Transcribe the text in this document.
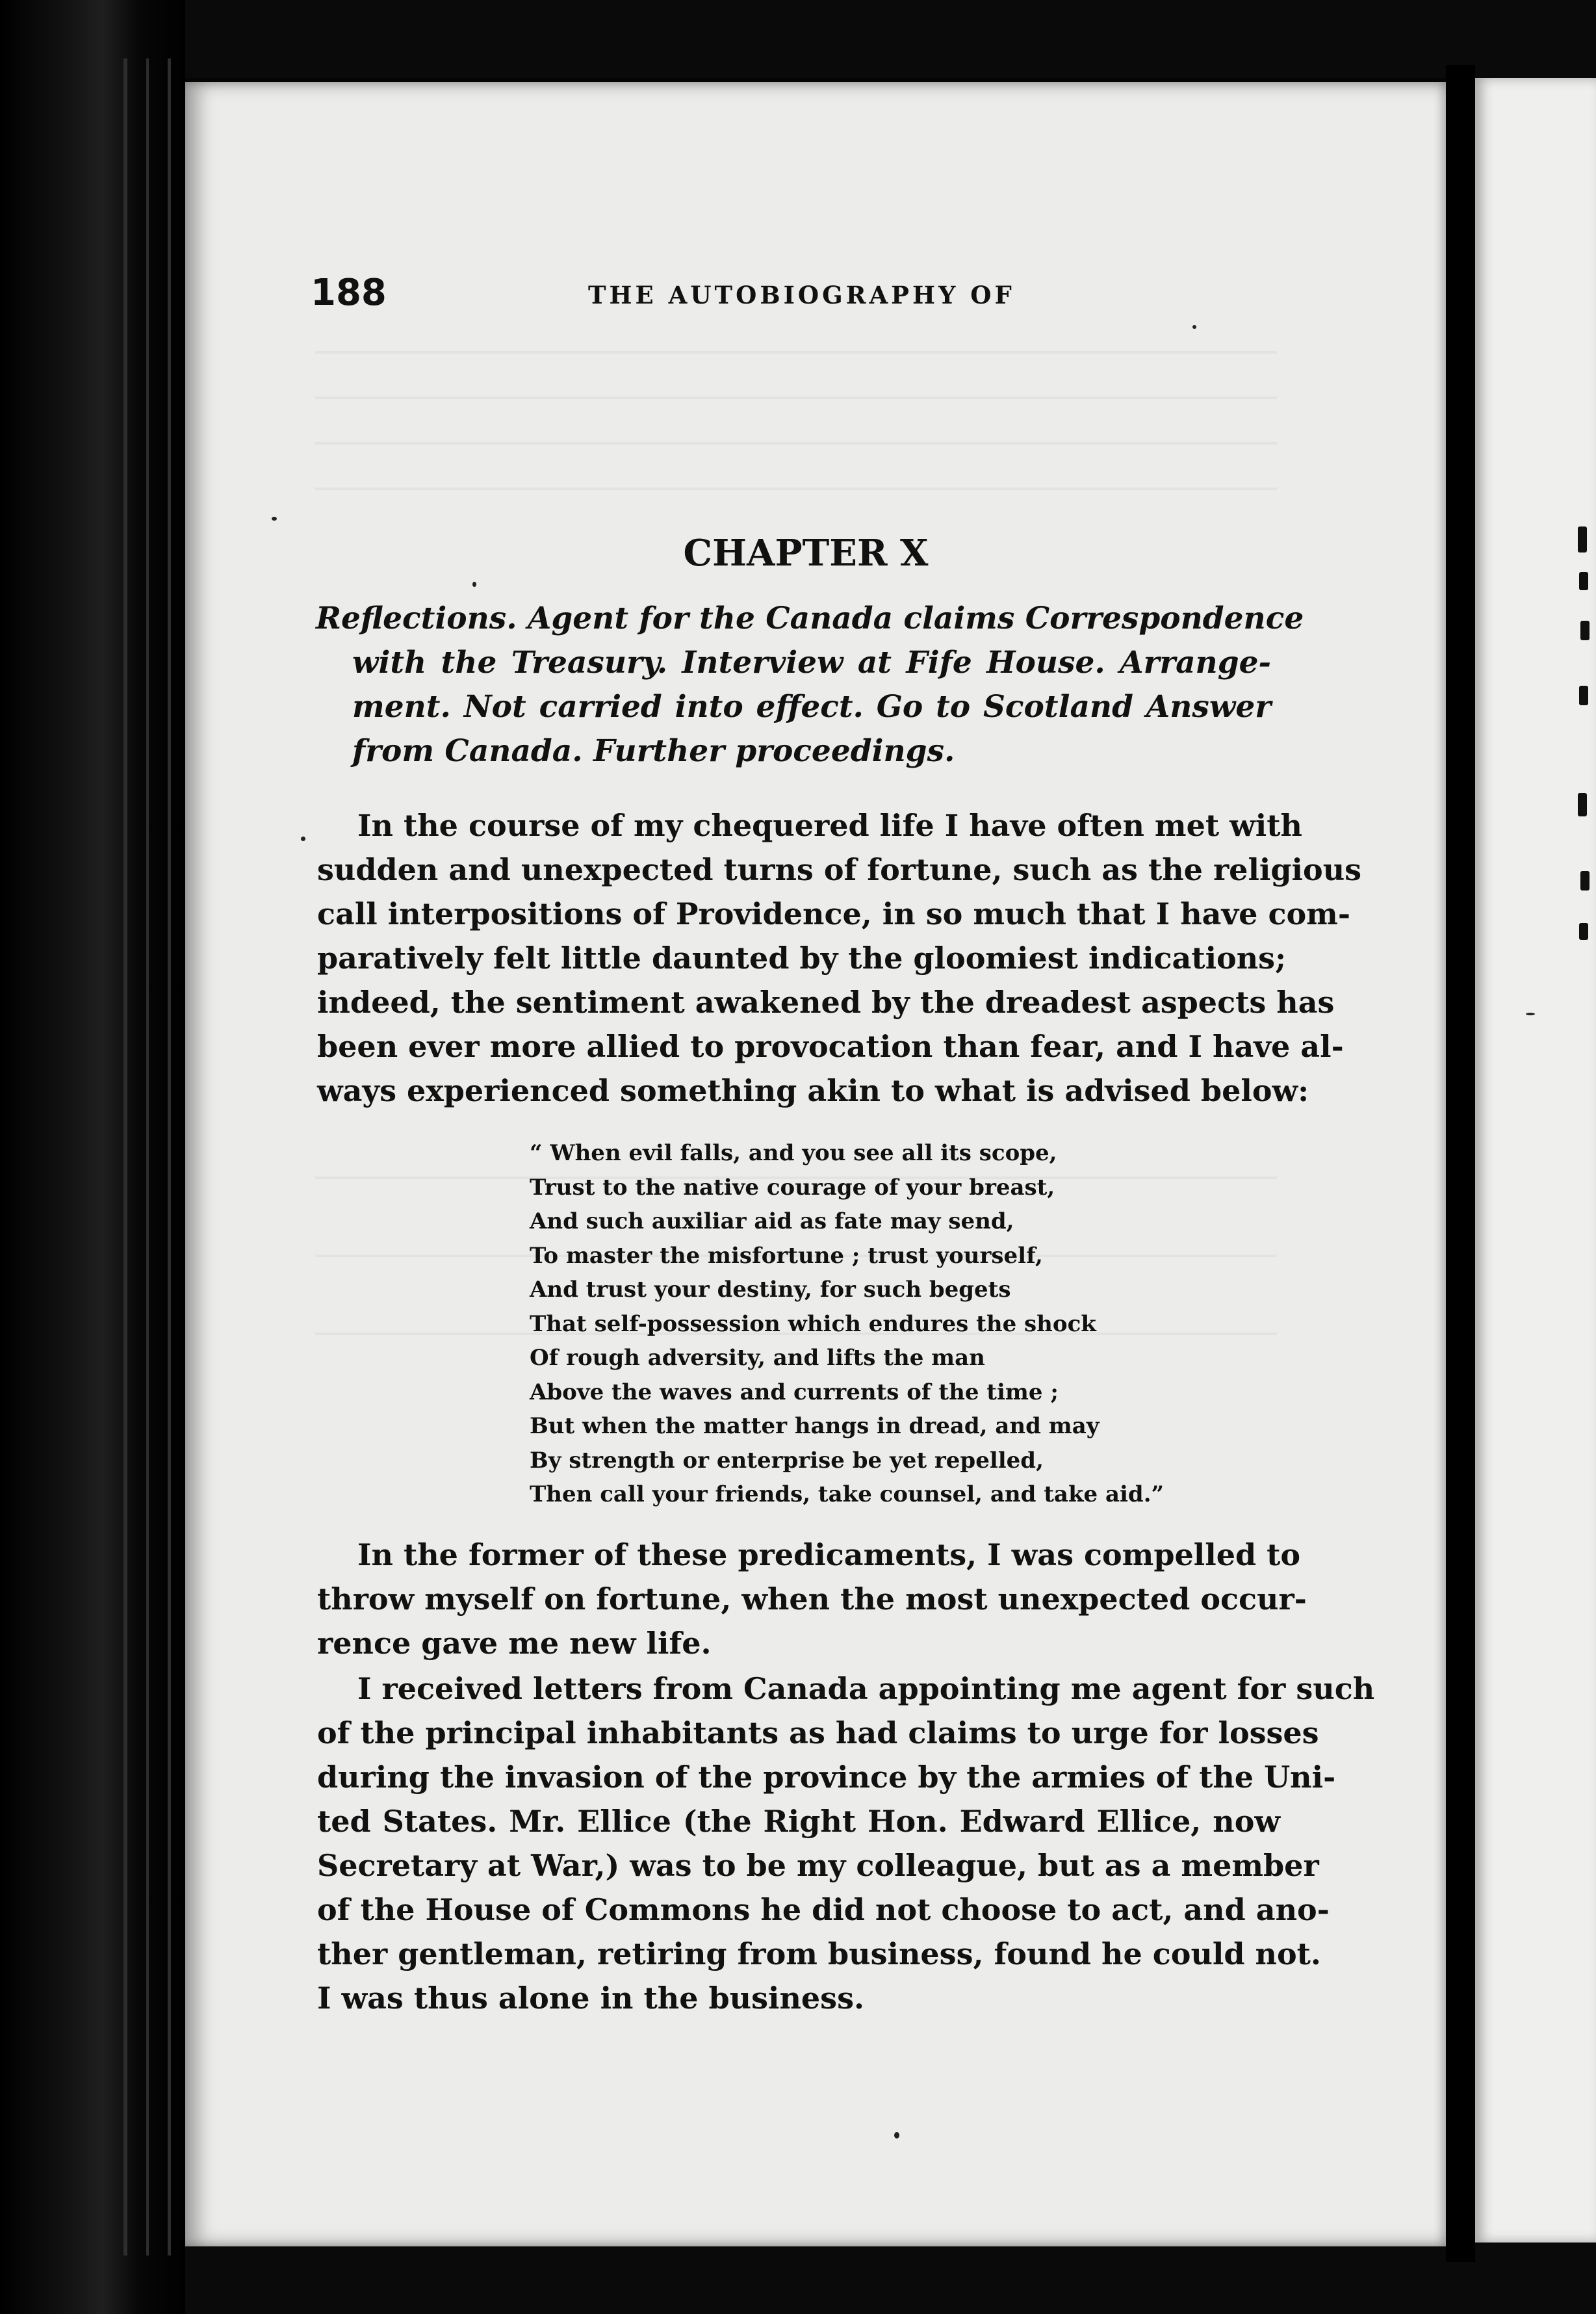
188	THE AUTOBIOGRAPHY OF
CHAPTER X
Reflections. Agent for the Canada claims Correspondence
with the Treasury. Interview at Fife House. Arrange-
ment. Not carried into effect. Go to Scotland Answer
from Canada. Further proceedings.
In the course of my chequered life I have often met with
sudden and unexpected turns of fortune, such as the religious
call interpositions of Providence, in so much that I have com-
paratively felt little daunted by the gloomiest indications;
indeed, the sentiment awakened by the dreadest aspects has
been ever more allied to provocation than fear, and I have al-
ways experienced something akin to what is advised below:
“ When evil falls, and you see all its scope,
Trust to the native courage of your breast,
And such auxiliar aid as fate may send,
To master the misfortune ; trust yourself,
And trust your destiny, for such begets
That self-possession which endures the shock
Of rough adversity, and lifts the man
Above the waves and currents of the time ;
But when the matter hangs in dread, and may
By strength or enterprise be yet repelled,
Then call your friends, take counsel, and take aid.”
In the former of these predicaments, I was compelled to
throw myself on fortune, when the most unexpected occur-
rence gave me new life.
I received letters from Canada appointing me agent for such
of the principal inhabitants as had claims to urge for losses
during the invasion of the province by the armies of the Uni-
ted States. Mr. Ellice (the Right Hon. Edward Ellice, now
Secretary at War,) was to be my colleague, but as a member
of the House of Commons he did not choose to act, and ano-
ther gentleman, retiring from business, found he could not.
I was thus alone in the business.
